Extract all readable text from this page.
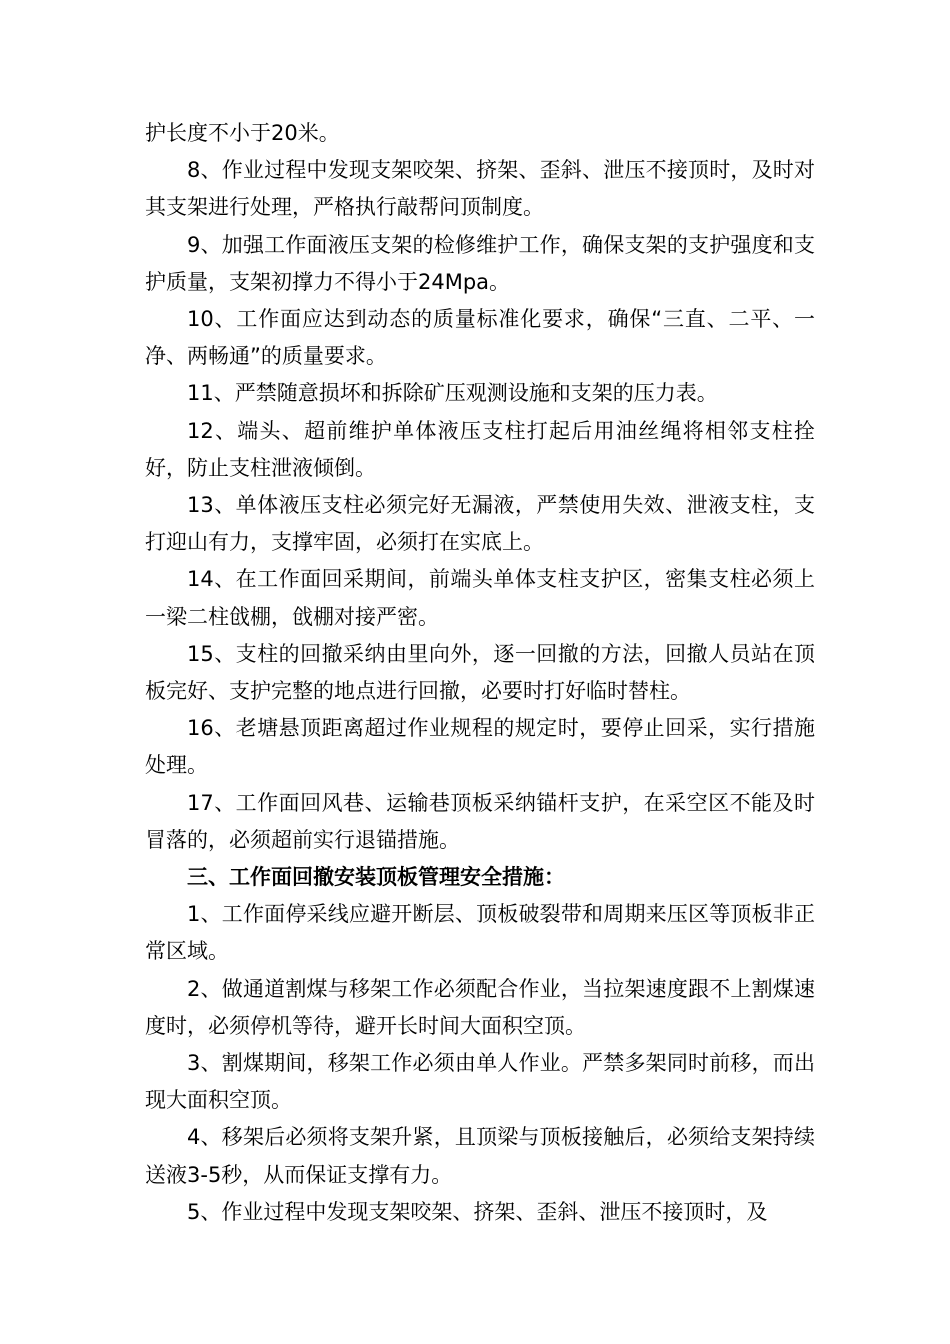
护长度不小于20米。

8、作业过程中发现支架咬架、挤架、歪斜、泄压不接顶时，及时对其支架进行处理，严格执行敲帮问顶制度。

9、加强工作面液压支架的检修维护工作，确保支架的支护强度和支护质量，支架初撑力不得小于24Mpa。

10、工作面应达到动态的质量标准化要求，确保“三直、二平、一净、两畅通”的质量要求。

11、严禁随意损坏和拆除矿压观测设施和支架的压力表。

12、端头、超前维护单体液压支柱打起后用油丝绳将相邻支柱拴好，防止支柱泄液倾倒。

13、单体液压支柱必须完好无漏液，严禁使用失效、泄液支柱，支打迎山有力，支撑牢固，必须打在实底上。

14、在工作面回采期间，前端头单体支柱支护区，密集支柱必须上一梁二柱戗棚，戗棚对接严密。

15、支柱的回撤采纳由里向外，逐一回撤的方法，回撤人员站在顶板完好、支护完整的地点进行回撤，必要时打好临时替柱。

16、老塘悬顶距离超过作业规程的规定时，要停止回采，实行措施处理。

17、工作面回风巷、运输巷顶板采纳锚杆支护，在采空区不能及时冒落的，必须超前实行退锚措施。

三、工作面回撤安装顶板管理安全措施：

1、工作面停采线应避开断层、顶板破裂带和周期来压区等顶板非正常区域。

2、做通道割煤与移架工作必须配合作业，当拉架速度跟不上割煤速度时，必须停机等待，避开长时间大面积空顶。

3、割煤期间，移架工作必须由单人作业。严禁多架同时前移，而出现大面积空顶。

4、移架后必须将支架升紧，且顶梁与顶板接触后，必须给支架持续送液3-5秒，从而保证支撑有力。

5、作业过程中发现支架咬架、挤架、歪斜、泄压不接顶时，及
